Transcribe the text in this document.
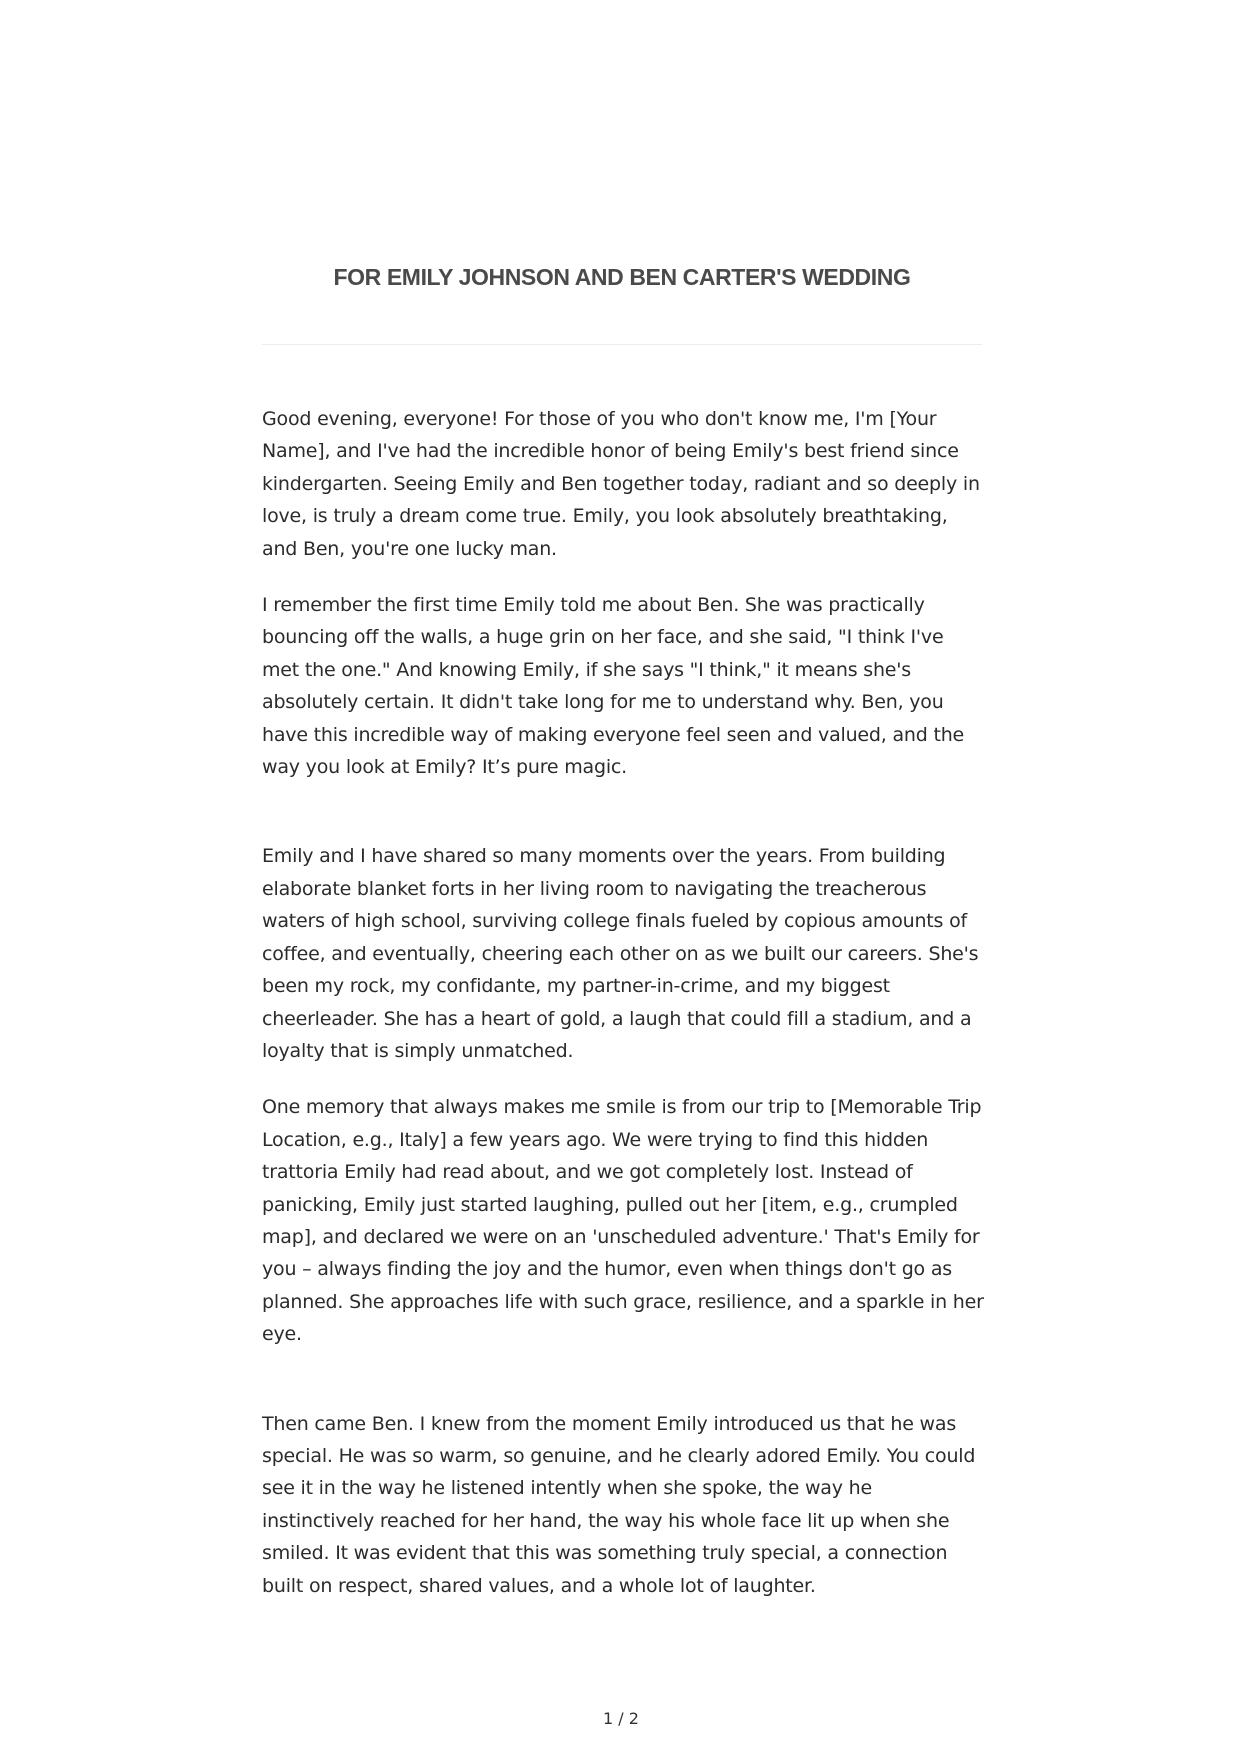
FOR EMILY JOHNSON AND BEN CARTER'S WEDDING

Good evening, everyone! For those of you who don't know me, I'm [Your Name], and I've had the incredible honor of being Emily's best friend since kindergarten. Seeing Emily and Ben together today, radiant and so deeply in love, is truly a dream come true. Emily, you look absolutely breathtaking, and Ben, you're one lucky man.

I remember the first time Emily told me about Ben. She was practically bouncing off the walls, a huge grin on her face, and she said, "I think I've met the one." And knowing Emily, if she says "I think," it means she's absolutely certain. It didn't take long for me to understand why. Ben, you have this incredible way of making everyone feel seen and valued, and the way you look at Emily? It’s pure magic.

Emily and I have shared so many moments over the years. From building elaborate blanket forts in her living room to navigating the treacherous waters of high school, surviving college finals fueled by copious amounts of coffee, and eventually, cheering each other on as we built our careers. She's been my rock, my confidante, my partner-in-crime, and my biggest cheerleader. She has a heart of gold, a laugh that could fill a stadium, and a loyalty that is simply unmatched.

One memory that always makes me smile is from our trip to [Memorable Trip Location, e.g., Italy] a few years ago. We were trying to find this hidden trattoria Emily had read about, and we got completely lost. Instead of panicking, Emily just started laughing, pulled out her [item, e.g., crumpled map], and declared we were on an 'unscheduled adventure.' That's Emily for you – always finding the joy and the humor, even when things don't go as planned. She approaches life with such grace, resilience, and a sparkle in her eye.

Then came Ben. I knew from the moment Emily introduced us that he was special. He was so warm, so genuine, and he clearly adored Emily. You could see it in the way he listened intently when she spoke, the way he instinctively reached for her hand, the way his whole face lit up when she smiled. It was evident that this was something truly special, a connection built on respect, shared values, and a whole lot of laughter.

1 / 2
